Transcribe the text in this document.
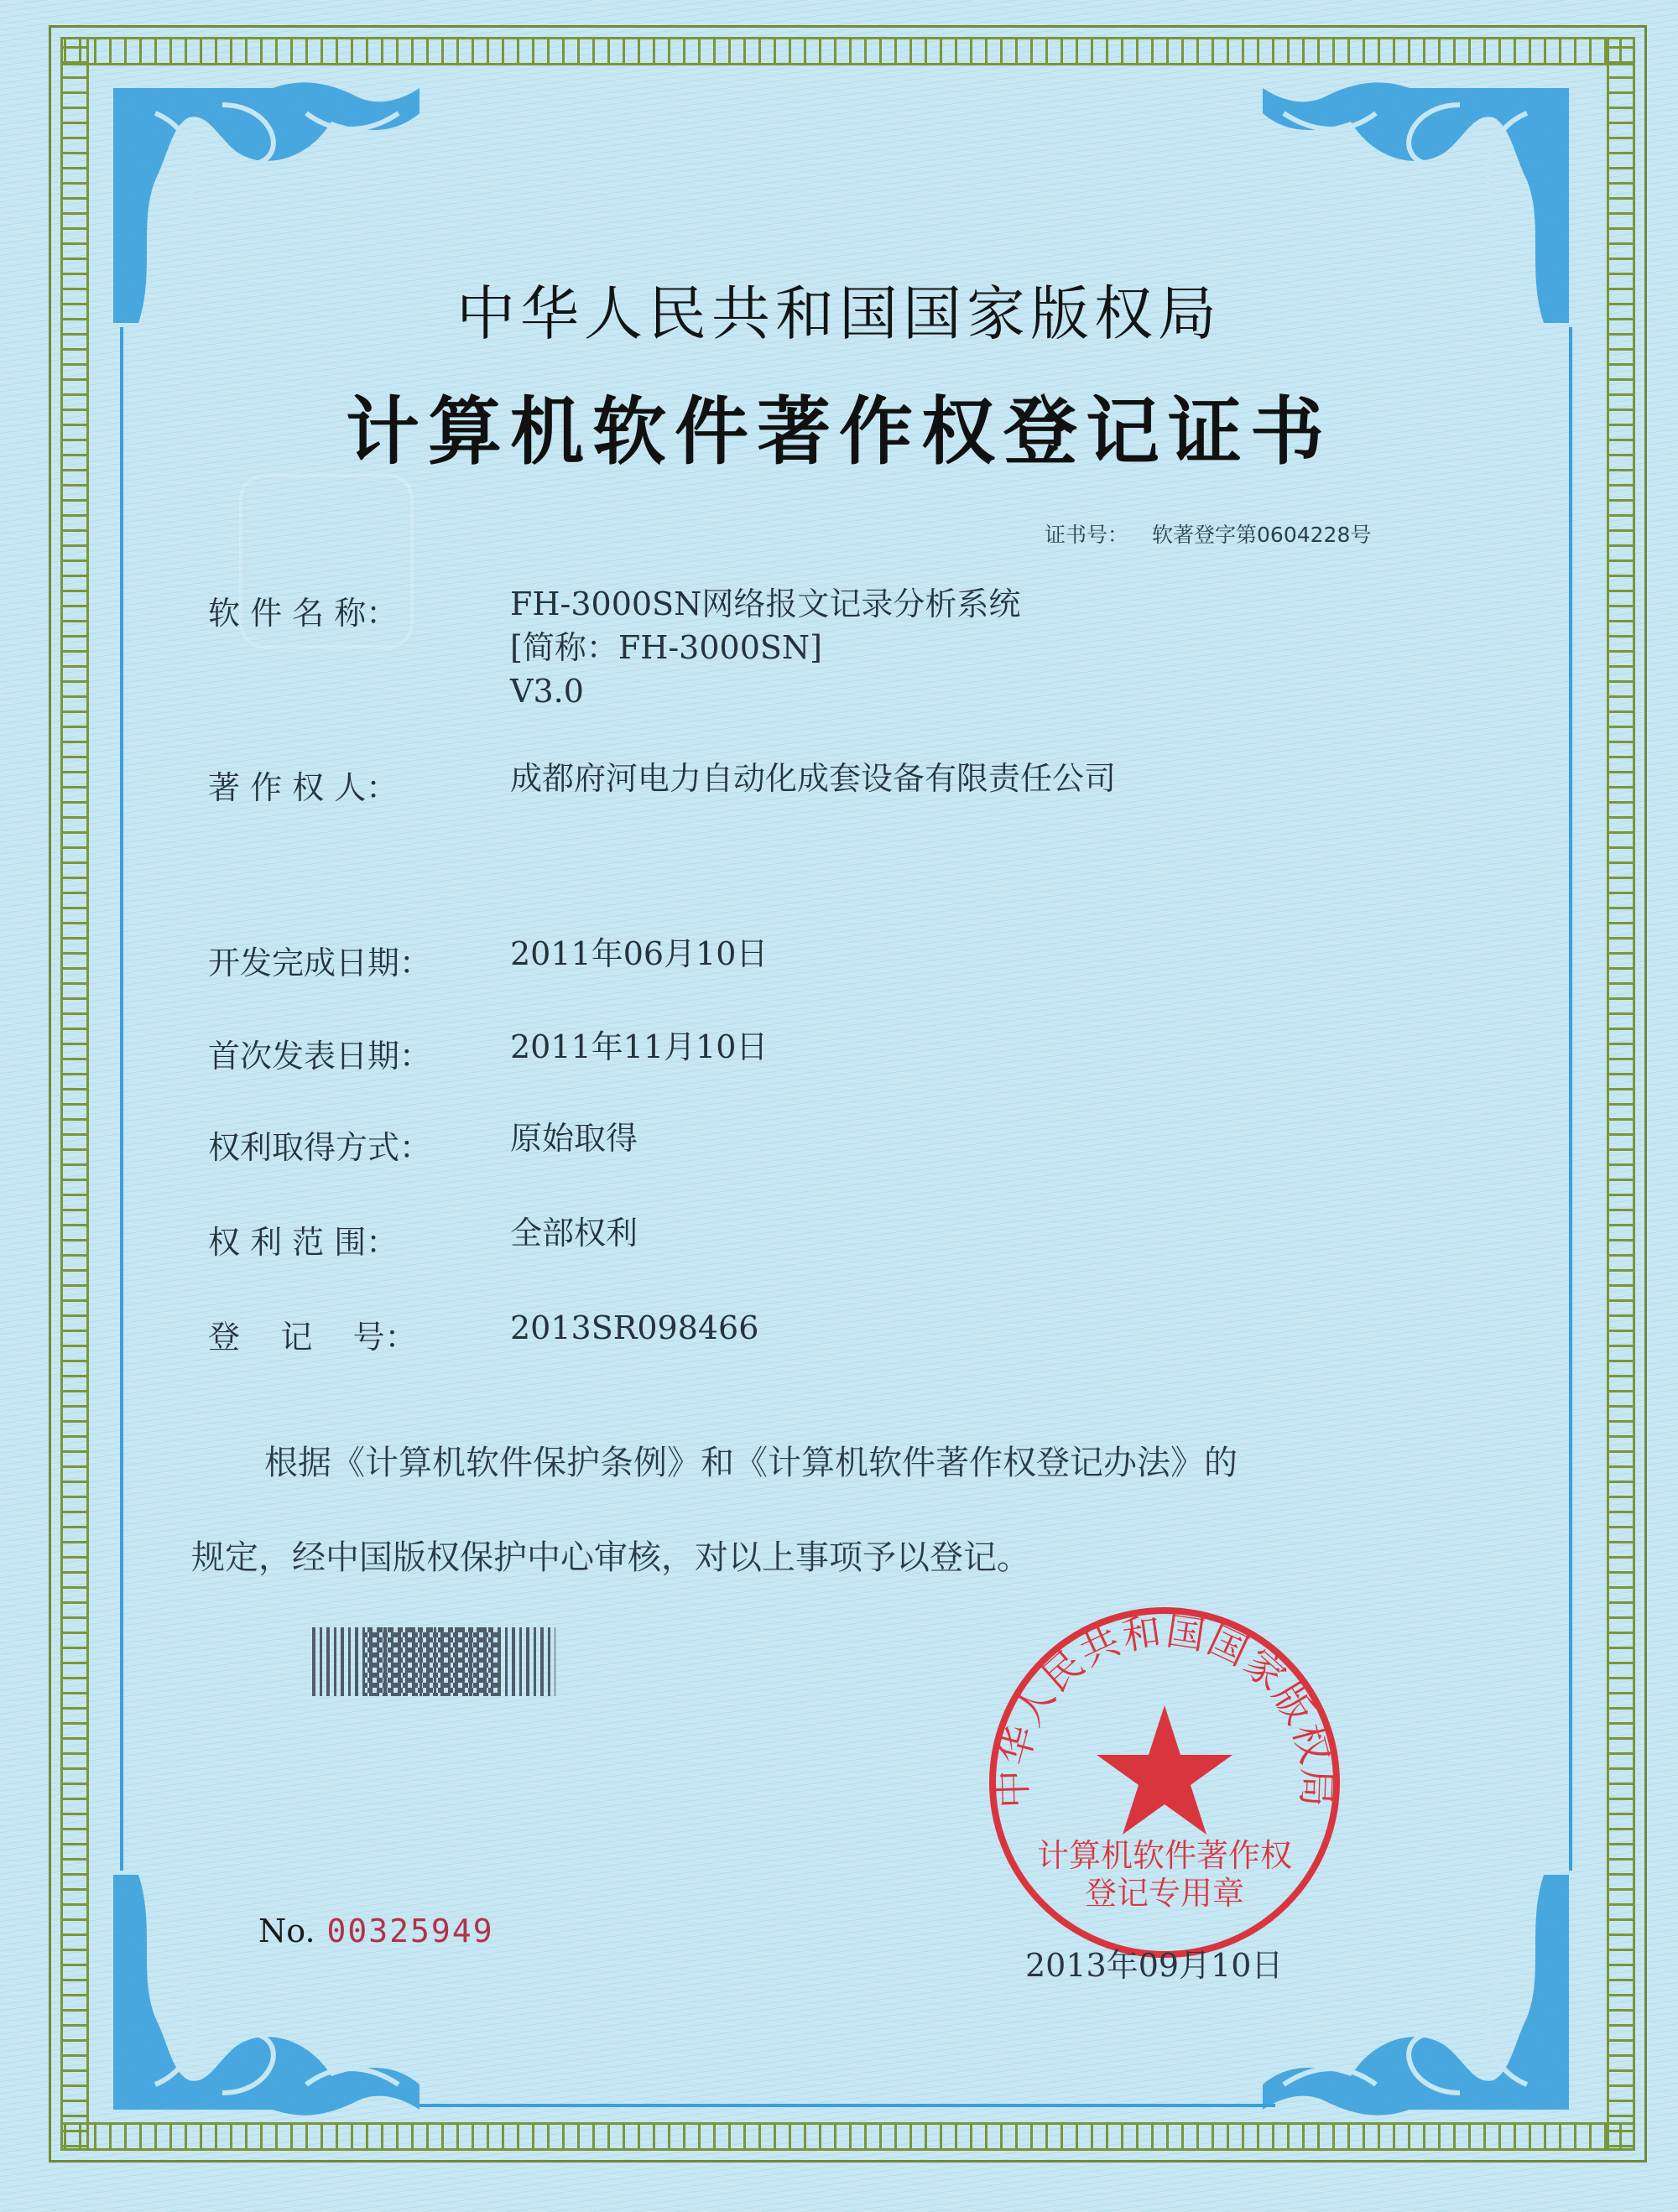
中华人民共和国国家版权局
计算机软件著作权登记证书
证书号： 软著登字第0604228号
软 件 名 称：	FH-3000SN网络报文记录分析系统
[简称：FH-3000SN]
V3.0
著 作 权 人：	成都府河电力自动化成套设备有限责任公司
开发完成日期： 2011年06月10日
首次发表日期： 2011年11月10日
权利取得方式： 原始取得
权 利 范 围：	全部权利
登    记    号：	2013SR098466
根据《计算机软件保护条例》和《计算机软件著作权登记办法》的
规定，经中国版权保护中心审核，对以上事项予以登记。
中华人民共和国国家版权局
计算机软件著作权
登记专用章
No. 00325949
2013年09月10日
